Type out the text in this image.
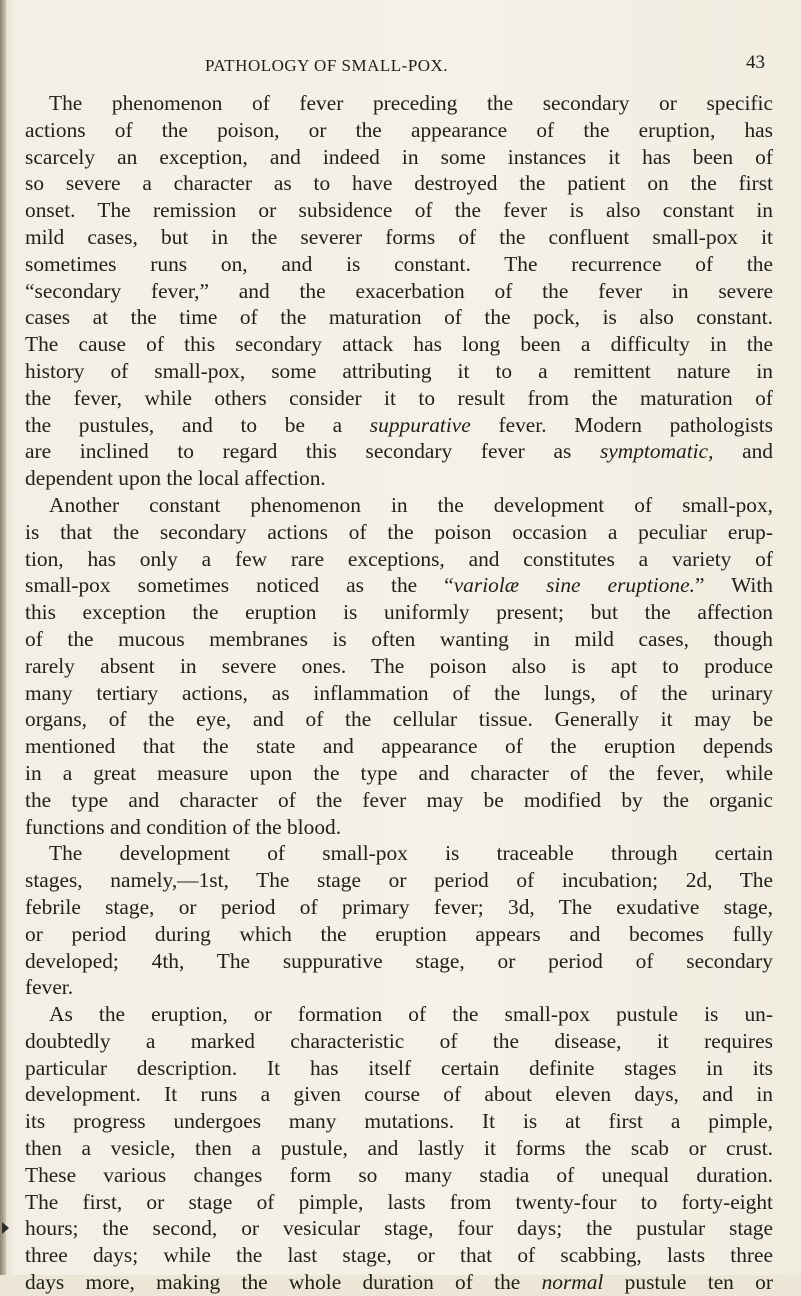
PATHOLOGY OF SMALL-POX.	43
The phenomenon of fever preceding the secondary or specific
actions of the poison, or the appearance of the eruption, has
scarcely an exception, and indeed in some instances it has been of
so severe a character as to have destroyed the patient on the first
onset. The remission or subsidence of the fever is also constant in
mild cases, but in the severer forms of the confluent small-pox it
sometimes runs on, and is constant. The recurrence of the
“secondary fever,” and the exacerbation of the fever in severe
cases at the time of the maturation of the pock, is also constant.
The cause of this secondary attack has long been a difficulty in the
history of small-pox, some attributing it to a remittent nature in
the fever, while others consider it to result from the maturation of
the pustules, and to be a suppurative fever. Modern pathologists
are inclined to regard this secondary fever as symptomatic, and
dependent upon the local affection.
Another constant phenomenon in the development of small-pox,
is that the secondary actions of the poison occasion a peculiar erup-
tion, has only a few rare exceptions, and constitutes a variety of
small-pox sometimes noticed as the “variolæ sine eruptione.” With
this exception the eruption is uniformly present; but the affection
of the mucous membranes is often wanting in mild cases, though
rarely absent in severe ones. The poison also is apt to produce
many tertiary actions, as inflammation of the lungs, of the urinary
organs, of the eye, and of the cellular tissue. Generally it may be
mentioned that the state and appearance of the eruption depends
in a great measure upon the type and character of the fever, while
the type and character of the fever may be modified by the organic
functions and condition of the blood.
The development of small-pox is traceable through certain
stages, namely,—1st, The stage or period of incubation; 2d, The
febrile stage, or period of primary fever; 3d, The exudative stage,
or period during which the eruption appears and becomes fully
developed; 4th, The suppurative stage, or period of secondary
fever.
As the eruption, or formation of the small-pox pustule is un-
doubtedly a marked characteristic of the disease, it requires
particular description. It has itself certain definite stages in its
development. It runs a given course of about eleven days, and in
its progress undergoes many mutations. It is at first a pimple,
then a vesicle, then a pustule, and lastly it forms the scab or crust.
These various changes form so many stadia of unequal duration.
The first, or stage of pimple, lasts from twenty-four to forty-eight
hours; the second, or vesicular stage, four days; the pustular stage
three days; while the last stage, or that of scabbing, lasts three
days more, making the whole duration of the normal pustule ten or
